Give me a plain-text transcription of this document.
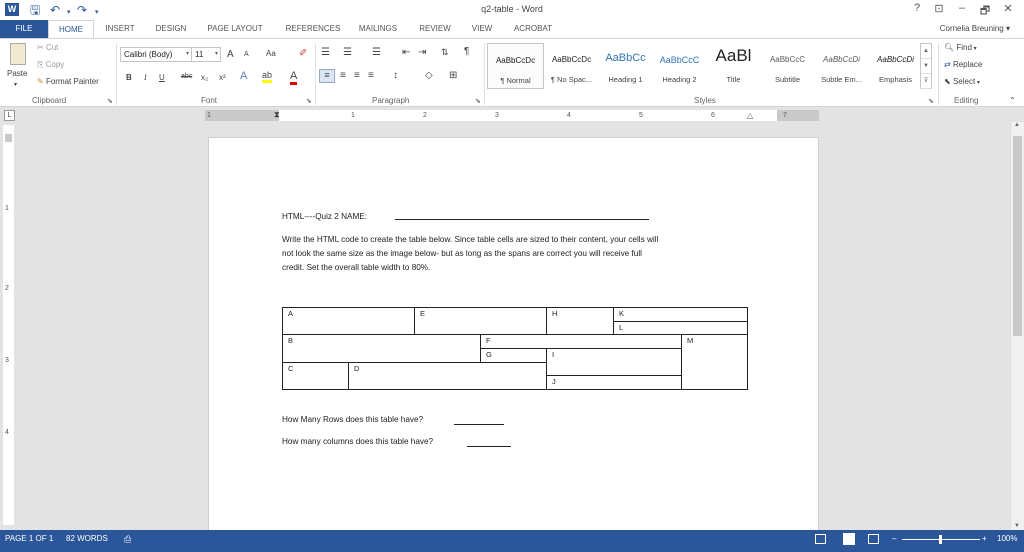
W 🖫 ↶ ▾ ↷ ▾	q2-table - Word	?	⊡	–	🗗	✕
FILE	HOME	INSERT	DESIGN	PAGE LAYOUT	REFERENCES	MAILINGS	REVIEW	VIEW	ACROBAT	Cornelia Breuning ▾
Paste
▾
✂ Cut
⎘ Copy
✎ Format Painter
Clipboard	⬊
Calibri (Body) ▾ 11 ▾ A A Aa ✐
B I U abc x₂ x² A ab A
Font	⬊
☰ ☰ ☰ ⇤ ⇥ ⇅ ¶
≡	≡ ≡ ≡ ↕	◇ ⊞
Paragraph	⬊
AaBbCcDc
¶ Normal
AaBbCcDc
¶ No Spac...
AaBbCc
Heading 1
AaBbCcC
Heading 2
AaBl
Title
AaBbCcC
Subtitle
AaBbCcDi
Subtle Em...
AaBbCcDi
Emphasis
▲
▼
⊽
Styles	⬊
🔍︎ Find ▾
⇄ Replace
⬉ Select ▾
Editing	⌃
L	1	⧗	1	2	3	4	5	6	△	7
1
2
3
4
HTML----Quiz 2 NAME:
Write the HTML code to create the table below. Since table cells are sized to their content, your cells will
not look the same size as the image below- but as long as the spans are correct you will receive full
credit. Set the overall table width to 80%.
A	E	H	K
L
B	F	M
G	I
C	D
J
How Many Rows does this table have?
How many columns does this table have?
▲
▼
PAGE 1 OF 1 82 WORDS ⎙	–	+ 100%
